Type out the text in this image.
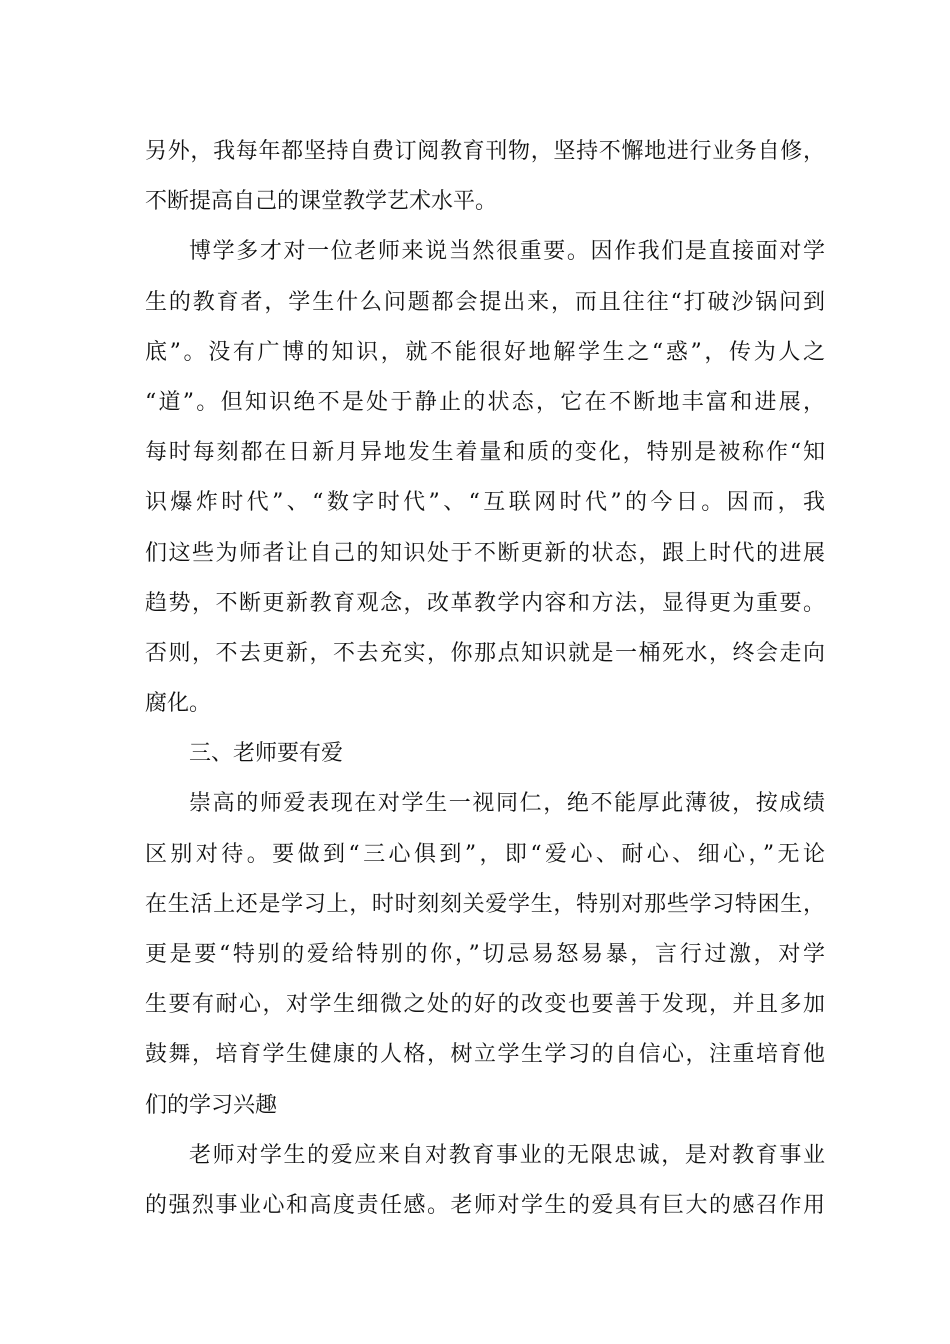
另外，我每年都坚持自费订阅教育刊物，坚持不懈地进行业务自修，
不断提高自己的课堂教学艺术水平。
博学多才对一位老师来说当然很重要。因作我们是直接面对学
生的教育者，学生什么问题都会提出来，而且往往“打破沙锅问到
底”。没有广博的知识，就不能很好地解学生之“惑”，传为人之
“道”。但知识绝不是处于静止的状态，它在不断地丰富和进展，
每时每刻都在日新月异地发生着量和质的变化，特别是被称作“知
识爆炸时代”、“数字时代”、“互联网时代”的今日。因而，我
们这些为师者让自己的知识处于不断更新的状态，跟上时代的进展
趋势，不断更新教育观念，改革教学内容和方法，显得更为重要。
否则，不去更新，不去充实，你那点知识就是一桶死水，终会走向
腐化。
三、老师要有爱
崇高的师爱表现在对学生一视同仁，绝不能厚此薄彼，按成绩
区别对待。要做到“三心俱到”，即“爱心、耐心、细心，”无论
在生活上还是学习上，时时刻刻关爱学生，特别对那些学习特困生，
更是要“特别的爱给特别的你，”切忌易怒易暴，言行过激，对学
生要有耐心，对学生细微之处的好的改变也要善于发现，并且多加
鼓舞，培育学生健康的人格，树立学生学习的自信心，注重培育他
们的学习兴趣
老师对学生的爱应来自对教育事业的无限忠诚，是对教育事业
的强烈事业心和高度责任感。老师对学生的爱具有巨大的感召作用
